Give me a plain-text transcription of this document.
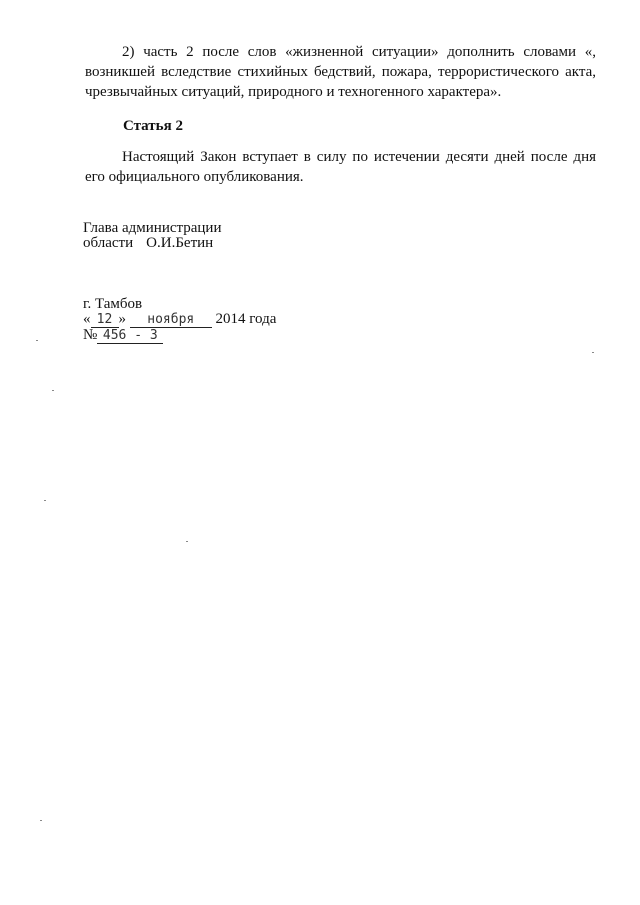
2) часть 2 после слов «жизненной ситуации» дополнить словами «, возникшей вследствие стихийных бедствий, пожара, террористического акта, чрезвычайных ситуаций, природного и техногенного характера».

Статья 2

Настоящий Закон вступает в силу по истечении десяти дней после дня его официального опубликования.

Глава администрации
области О.И.Бетин
г. Тамбов
« 12 » ноября 2014 года
№ 456 - 3
